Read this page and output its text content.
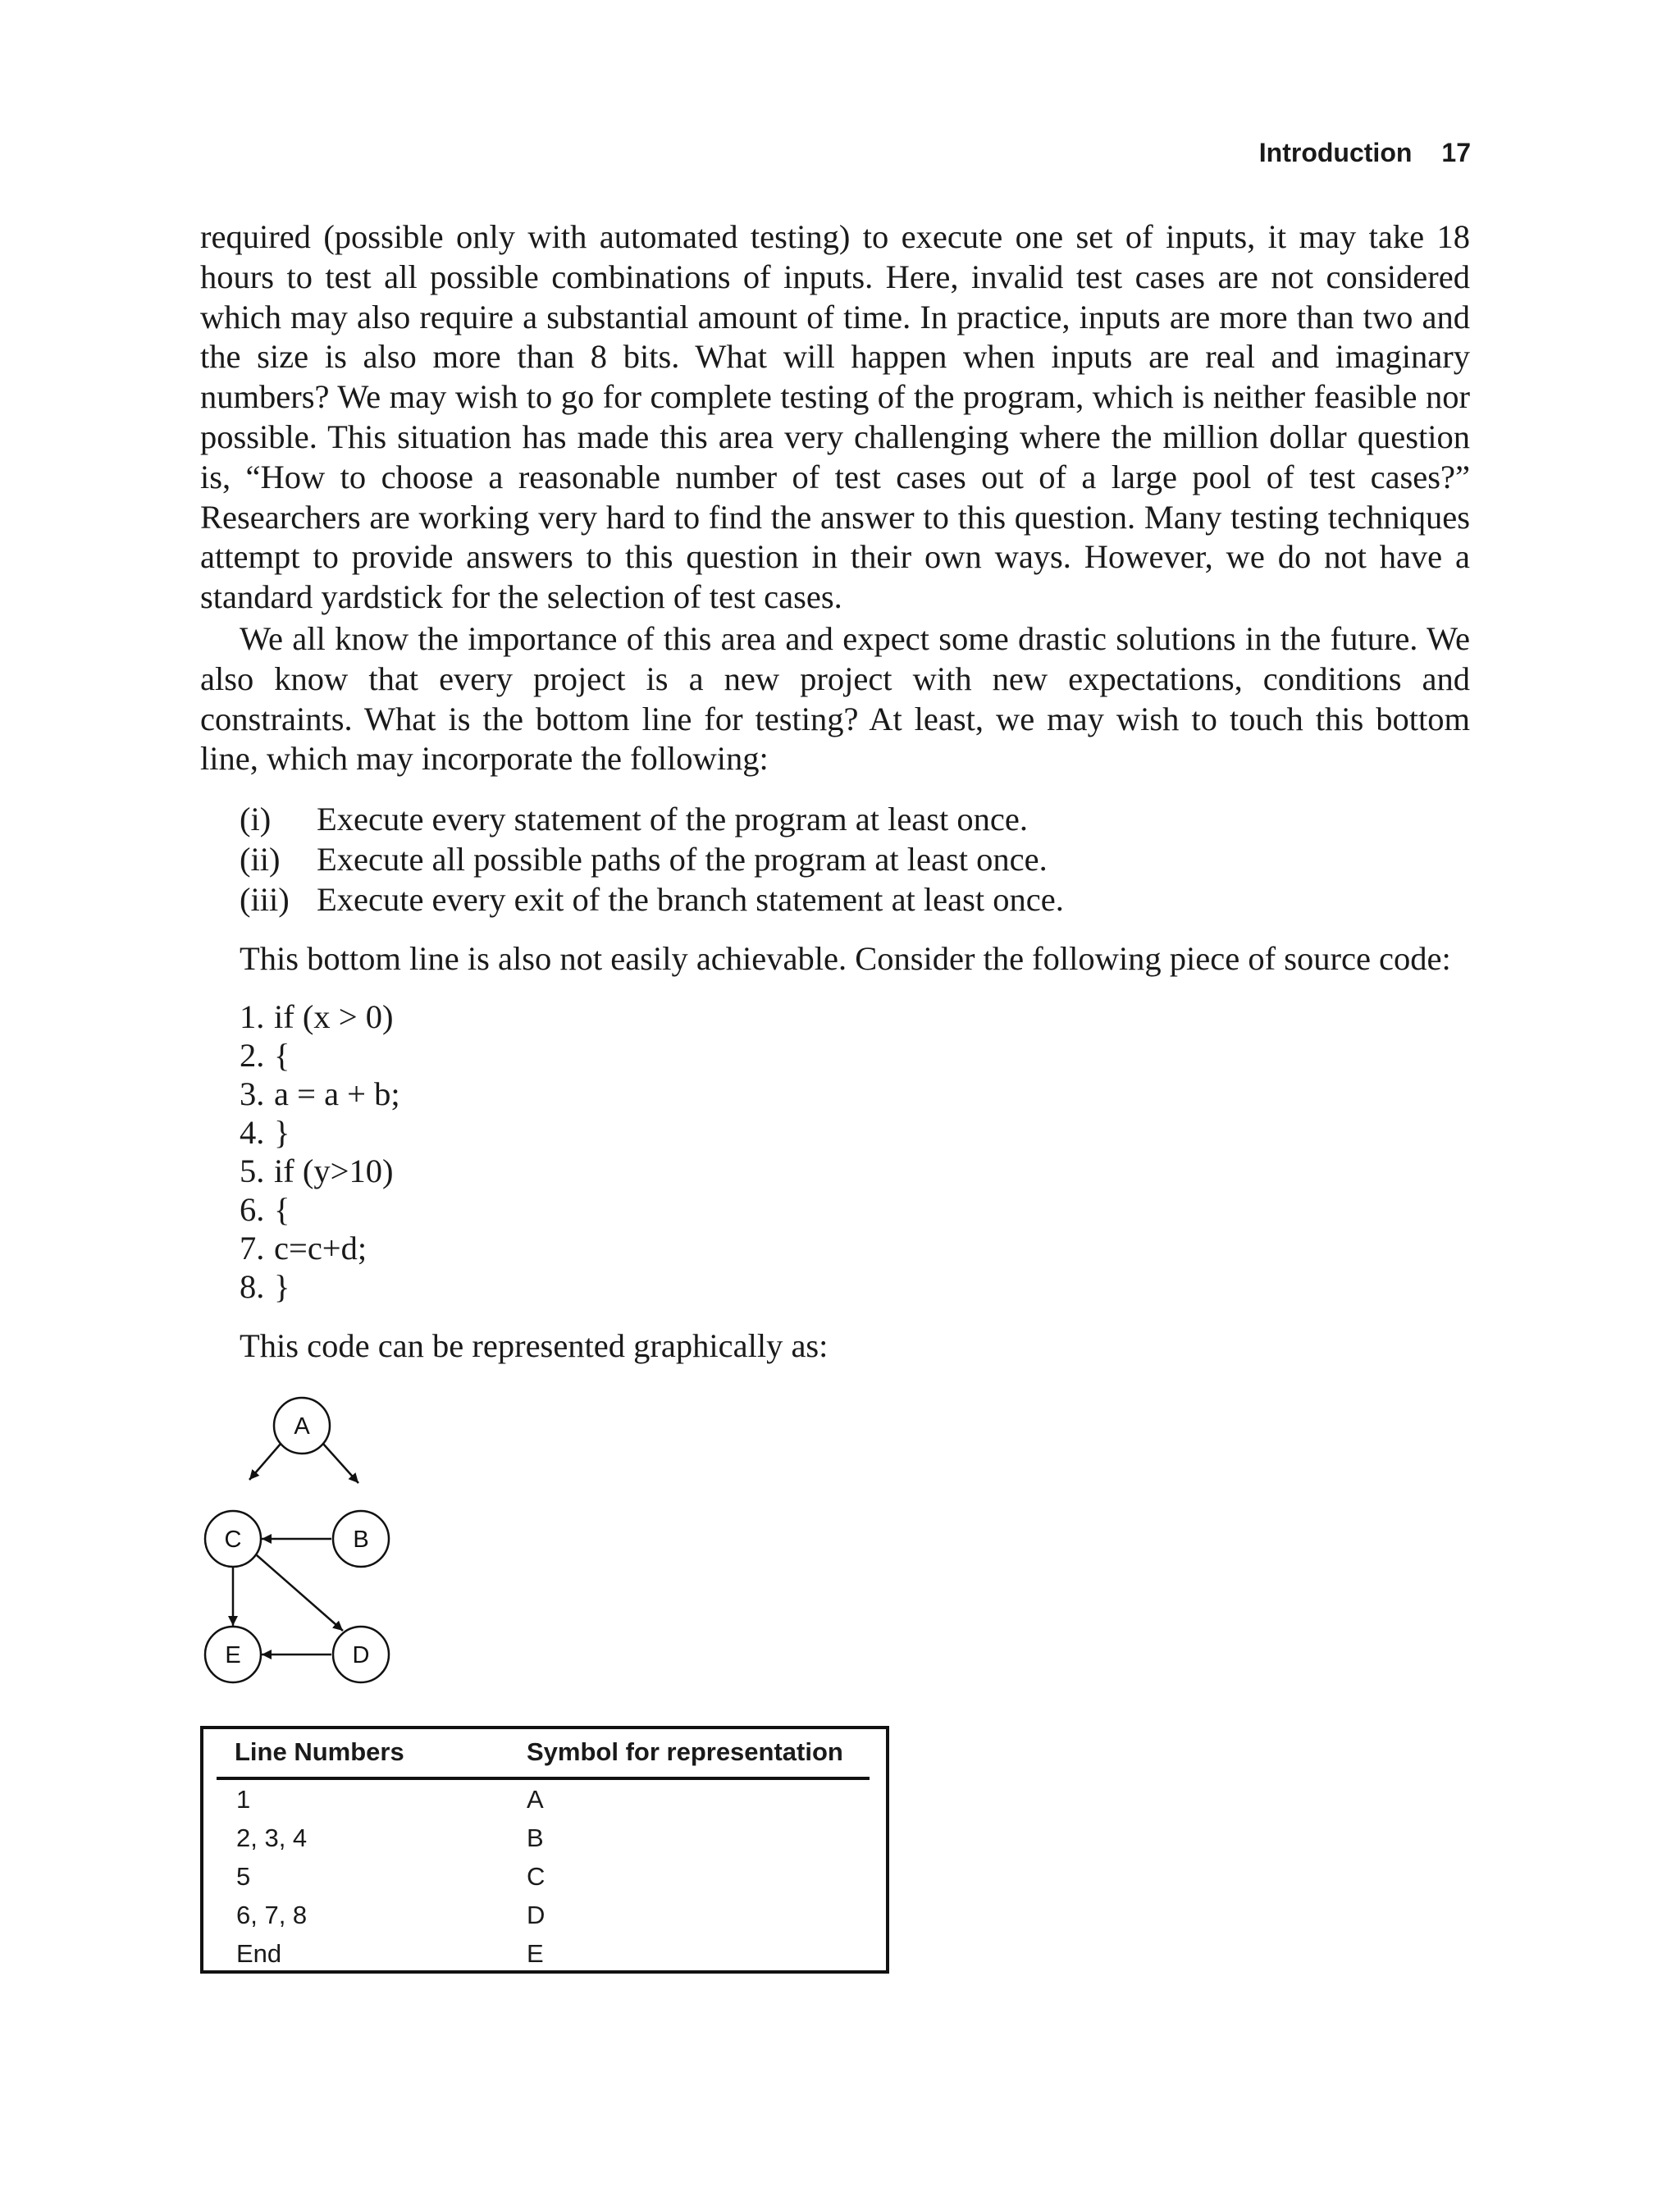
Introduction 17
required (possible only with automated testing) to execute one set of inputs, it may take 18 hours to test all possible combinations of inputs. Here, invalid test cases are not considered which may also require a substantial amount of time. In practice, inputs are more than two and the size is also more than 8 bits. What will happen when inputs are real and imaginary numbers? We may wish to go for complete testing of the program, which is neither feasible nor possible. This situation has made this area very challenging where the million dollar question is, “How to choose a reasonable number of test cases out of a large pool of test cases?” Researchers are working very hard to find the answer to this question. Many testing techniques attempt to provide answers to this question in their own ways. However, we do not have a standard yardstick for the selection of test cases.
We all know the importance of this area and expect some drastic solutions in the future. We also know that every project is a new project with new expectations, conditions and constraints. What is the bottom line for testing? At least, we may wish to touch this bottom line, which may incorporate the following:
(i)	Execute every statement of the program at least once.
(ii)	Execute all possible paths of the program at least once.
(iii) Execute every exit of the branch statement at least once.
This bottom line is also not easily achievable. Consider the following piece of source code:
1. if (x > 0)
2. {
3. a = a + b;
4. }
5. if (y>10)
6. {
7. c=c+d;
8. }
This code can be represented graphically as:
A
B
C
D
E
Line Numbers	Symbol for representation
1	A
2, 3, 4	B
5	C
6, 7, 8	D
End	E
